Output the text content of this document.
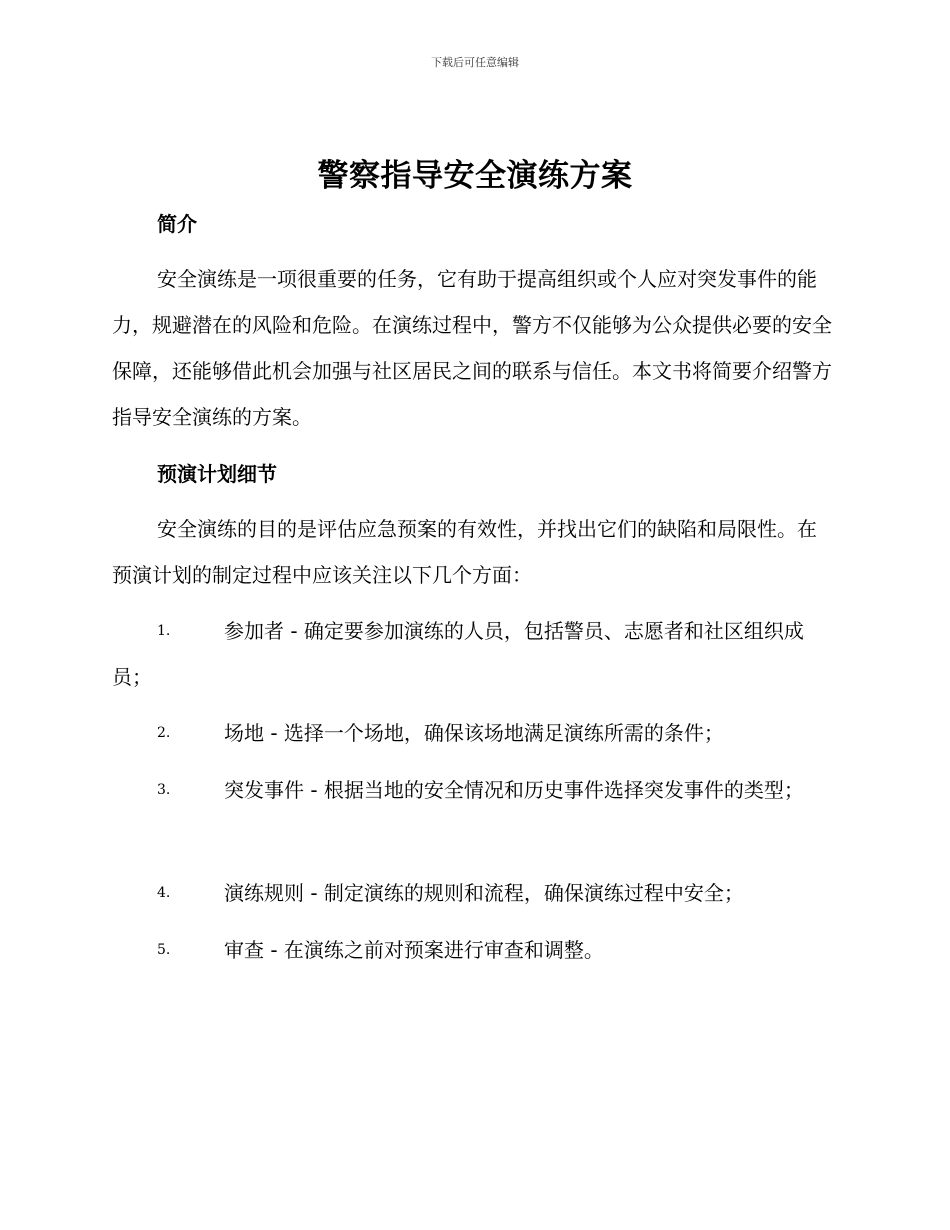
下载后可任意编辑
警察指导安全演练方案
简介

安全演练是一项很重要的任务，它有助于提高组织或个人应对突发事件的能力，规避潜在的风险和危险。在演练过程中，警方不仅能够为公众提供必要的安全保障，还能够借此机会加强与社区居民之间的联系与信任。本文书将简要介绍警方指导安全演练的方案。

预演计划细节

安全演练的目的是评估应急预案的有效性，并找出它们的缺陷和局限性。在预演计划的制定过程中应该关注以下几个方面：

1.	参加者 - 确定要参加演练的人员，包括警员、志愿者和社区组织成员；
2.	场地 - 选择一个场地，确保该场地满足演练所需的条件；
3.	突发事件 - 根据当地的安全情况和历史事件选择突发事件的类型；
4.	演练规则 - 制定演练的规则和流程，确保演练过程中安全；
5.	审查 - 在演练之前对预案进行审查和调整。
